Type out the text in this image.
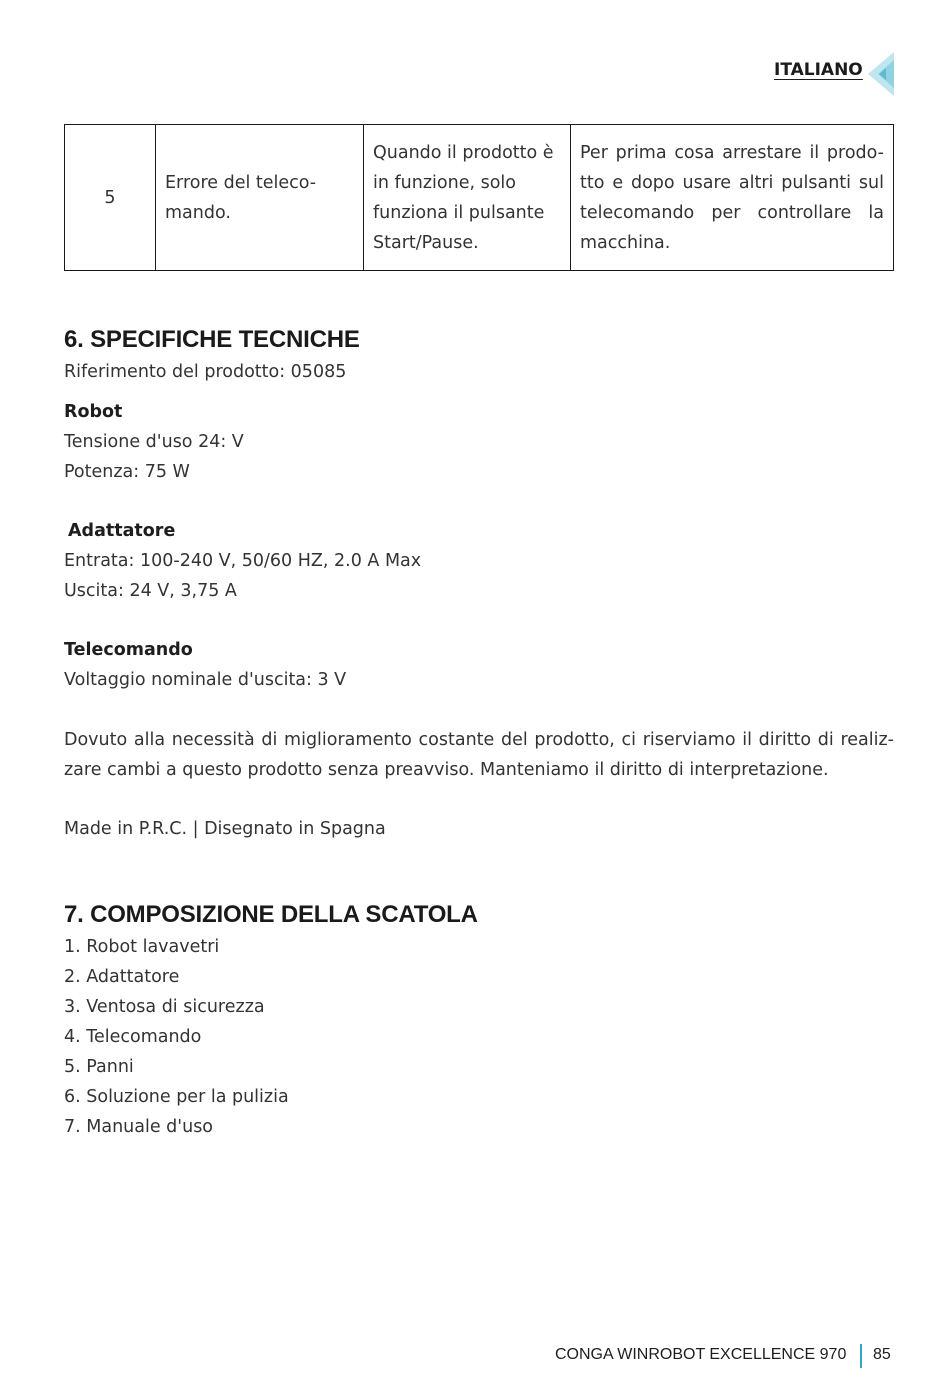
ITALIANO
5	Errore del teleco-mando.	Quando il prodotto è in funzione, solo funziona il pulsante Start/Pause.	Per prima cosa arrestare il prodo-tto e dopo usare altri pulsanti sul telecomando per controllare la macchina.
6. SPECIFICHE TECNICHE

Riferimento del prodotto: 05085

Robot

Tensione d'uso 24: V

Potenza: 75 W

Adattatore

Entrata: 100-240 V, 50/60 HZ, 2.0 A Max

Uscita: 24 V, 3,75 A

Telecomando

Voltaggio nominale d'uscita: 3 V

Dovuto alla necessità di miglioramento costante del prodotto, ci riserviamo il diritto di realiz-zare cambi a questo prodotto senza preavviso. Manteniamo il diritto di interpretazione.

Made in P.R.C. | Disegnato in Spagna

7. COMPOSIZIONE DELLA SCATOLA
1. Robot lavavetri
2. Adattatore
3. Ventosa di sicurezza
4. Telecomando
5. Panni
6. Soluzione per la pulizia
7. Manuale d'uso
CONGA WINROBOT EXCELLENCE 970 85
